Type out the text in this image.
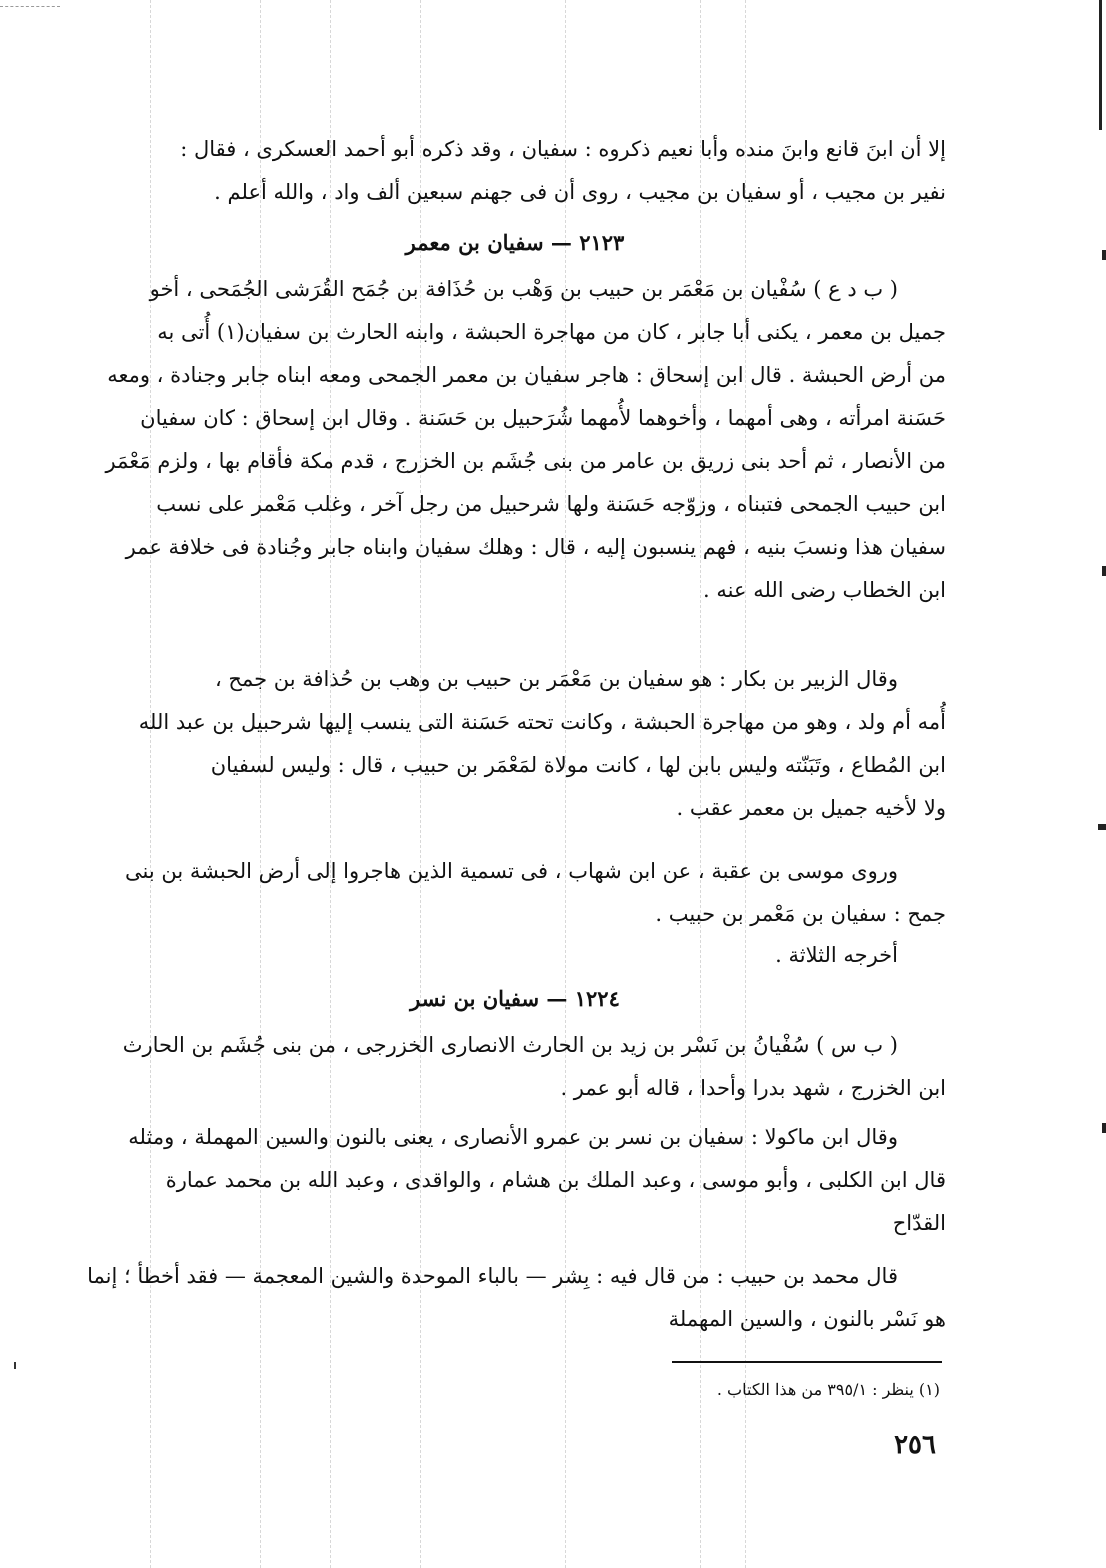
إلا أن ابنَ قانع وابنَ منده وأبا نعيم ذكروه : سفيان ، وقد ذكره أبو أحمد العسكرى ، فقال :
نفير بن مجيب ، أو سفيان بن مجيب ، روى أن فى جهنم سبعين ألف واد ، والله أعلم .
٢١٢٣ — سفيان بن معمر
( ب د ع ) سُفْيان بن مَعْمَر بن حبيب بن وَهْب بن حُذَافة بن جُمَح القُرَشى الجُمَحى ، أخو
جميل بن معمر ، يكنى أبا جابر ، كان من مهاجرة الحبشة ، وابنه الحارث بن سفيان(١) أُتى به
من أرض الحبشة . قال ابن إسحاق : هاجر سفيان بن معمر الجمحى ومعه ابناه جابر وجنادة ، ومعه
حَسَنة امرأته ، وهى أمهما ، وأخوهما لأُمهما شُرَحبيل بن حَسَنة . وقال ابن إسحاق : كان سفيان
من الأنصار ، ثم أحد بنى زريق بن عامر من بنى جُشَم بن الخزرج ، قدم مكة فأقام بها ، ولزم مَعْمَر
ابن حبيب الجمحى فتبناه ، وزوّجه حَسَنة ولها شرحبيل من رجل آخر ، وغلب مَعْمر على نسب
سفيان هذا ونسبَ بنيه ، فهم ينسبون إليه ، قال : وهلك سفيان وابناه جابر وجُنادة فى خلافة عمر
ابن الخطاب رضى الله عنه .
وقال الزبير بن بكار : هو سفيان بن مَعْمَر بن حبيب بن وهب بن حُذافة بن جمح ،
أُمه أم ولد ، وهو من مهاجرة الحبشة ، وكانت تحته حَسَنة التى ينسب إليها شرحبيل بن عبد الله
ابن المُطاع ، وتَبَنّته وليس بابن لها ، كانت مولاة لمَعْمَر بن حبيب ، قال : وليس لسفيان
ولا لأخيه جميل بن معمر عقب .
وروى موسى بن عقبة ، عن ابن شهاب ، فى تسمية الذين هاجروا إلى أرض الحبشة بن بنى
جمح : سفيان بن مَعْمر بن حبيب .
أخرجه الثلاثة .
١٢٢٤ — سفيان بن نسر
( ب س ) سُفْيانُ بن نَسْر بن زيد بن الحارث الانصارى الخزرجى ، من بنى جُشَم بن الحارث
ابن الخزرج ، شهد بدرا وأحدا ، قاله أبو عمر .
وقال ابن ماكولا : سفيان بن نسر بن عمرو الأنصارى ، يعنى بالنون والسين المهملة ، ومثله
قال ابن الكلبى ، وأبو موسى ، وعبد الملك بن هشام ، والواقدى ، وعبد الله بن محمد عمارة
القدّاح
قال محمد بن حبيب : من قال فيه : بِشر — بالباء الموحدة والشين المعجمة — فقد أخطأ ؛ إنما
هو نَسْر بالنون ، والسين المهملة
(١) ينظر : ٣٩٥/١ من هذا الكتاب .
٢٥٦
